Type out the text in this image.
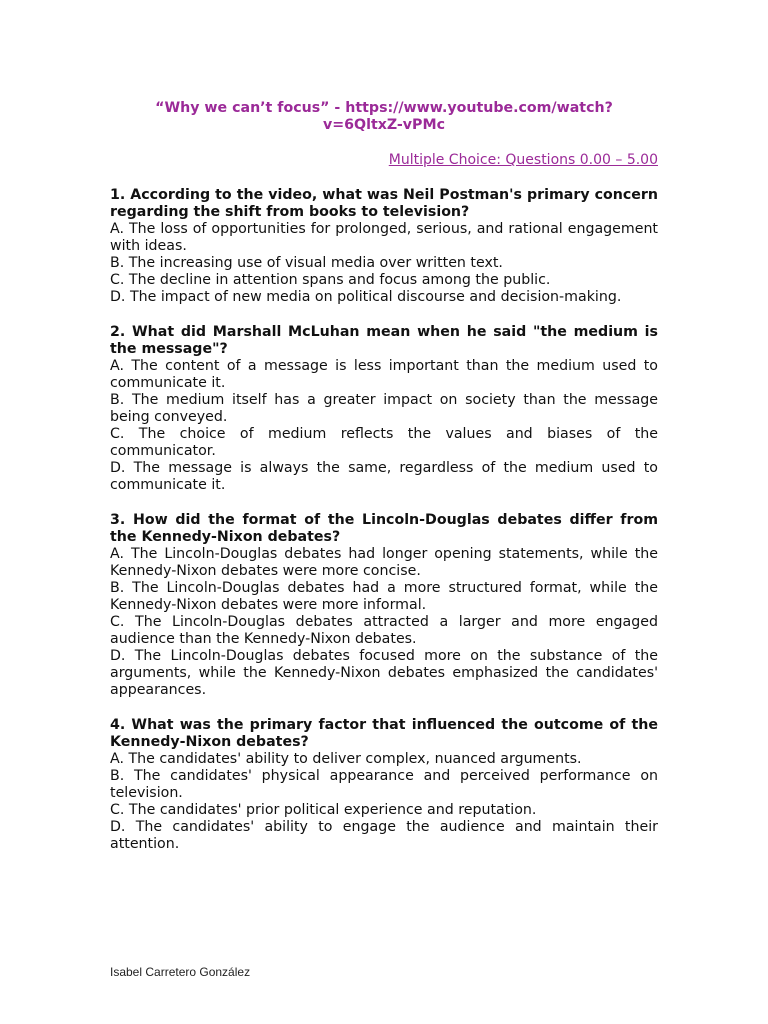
“Why we can’t focus” - https://www.youtube.com/watch?
v=6QltxZ-vPMc

Multiple Choice: Questions 0.00 – 5.00

1. According to the video, what was Neil Postman's primary concern regarding the shift from books to television?

A. The loss of opportunities for prolonged, serious, and rational engagement with ideas.

B. The increasing use of visual media over written text.

C. The decline in attention spans and focus among the public.

D. The impact of new media on political discourse and decision-making.

2. What did Marshall McLuhan mean when he said "the medium is the message"?

A. The content of a message is less important than the medium used to communicate it.

B. The medium itself has a greater impact on society than the message being conveyed.

C. The choice of medium reflects the values and biases of the communicator.

D. The message is always the same, regardless of the medium used to communicate it.

3. How did the format of the Lincoln-Douglas debates differ from the Kennedy-Nixon debates?

A. The Lincoln-Douglas debates had longer opening statements, while the Kennedy-Nixon debates were more concise.

B. The Lincoln-Douglas debates had a more structured format, while the Kennedy-Nixon debates were more informal.

C. The Lincoln-Douglas debates attracted a larger and more engaged audience than the Kennedy-Nixon debates.

D. The Lincoln-Douglas debates focused more on the substance of the arguments, while the Kennedy-Nixon debates emphasized the candidates' appearances.

4. What was the primary factor that influenced the outcome of the Kennedy-Nixon debates?

A. The candidates' ability to deliver complex, nuanced arguments.

B. The candidates' physical appearance and perceived performance on television.

C. The candidates' prior political experience and reputation.

D. The candidates' ability to engage the audience and maintain their attention.

Isabel Carretero González
